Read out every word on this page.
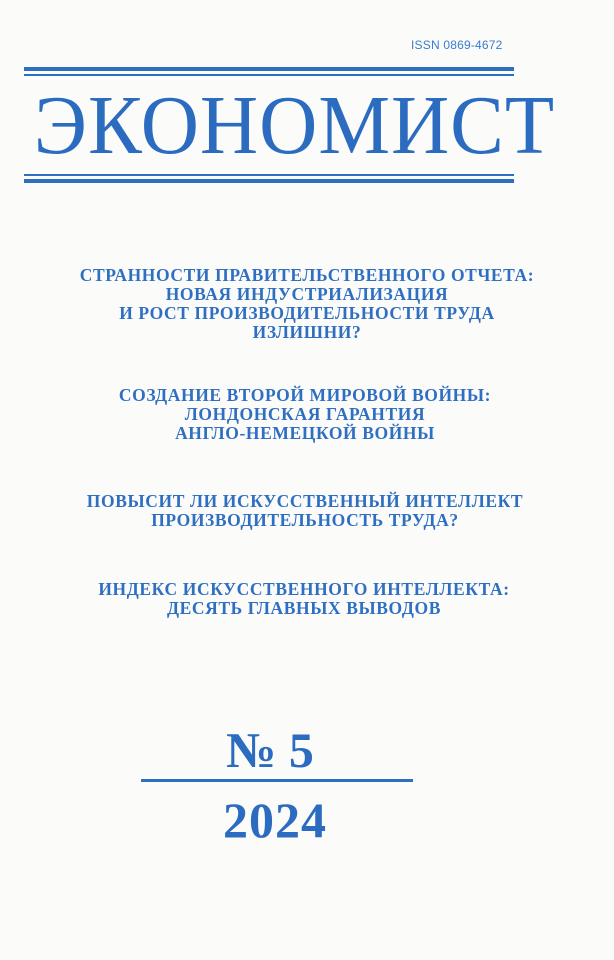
ISSN 0869-4672
ЭКОНОМИСТ
СТРАННОСТИ ПРАВИТЕЛЬСТВЕННОГО ОТЧЕТА:
НОВАЯ ИНДУСТРИАЛИЗАЦИЯ
И РОСТ ПРОИЗВОДИТЕЛЬНОСТИ ТРУДА
ИЗЛИШНИ?
СОЗДАНИЕ ВТОРОЙ МИРОВОЙ ВОЙНЫ:
ЛОНДОНСКАЯ ГАРАНТИЯ
АНГЛО-НЕМЕЦКОЙ ВОЙНЫ
ПОВЫСИТ ЛИ ИСКУССТВЕННЫЙ ИНТЕЛЛЕКТ
ПРОИЗВОДИТЕЛЬНОСТЬ ТРУДА?
ИНДЕКС ИСКУССТВЕННОГО ИНТЕЛЛЕКТА:
ДЕСЯТЬ ГЛАВНЫХ ВЫВОДОВ
№ 5
2024
